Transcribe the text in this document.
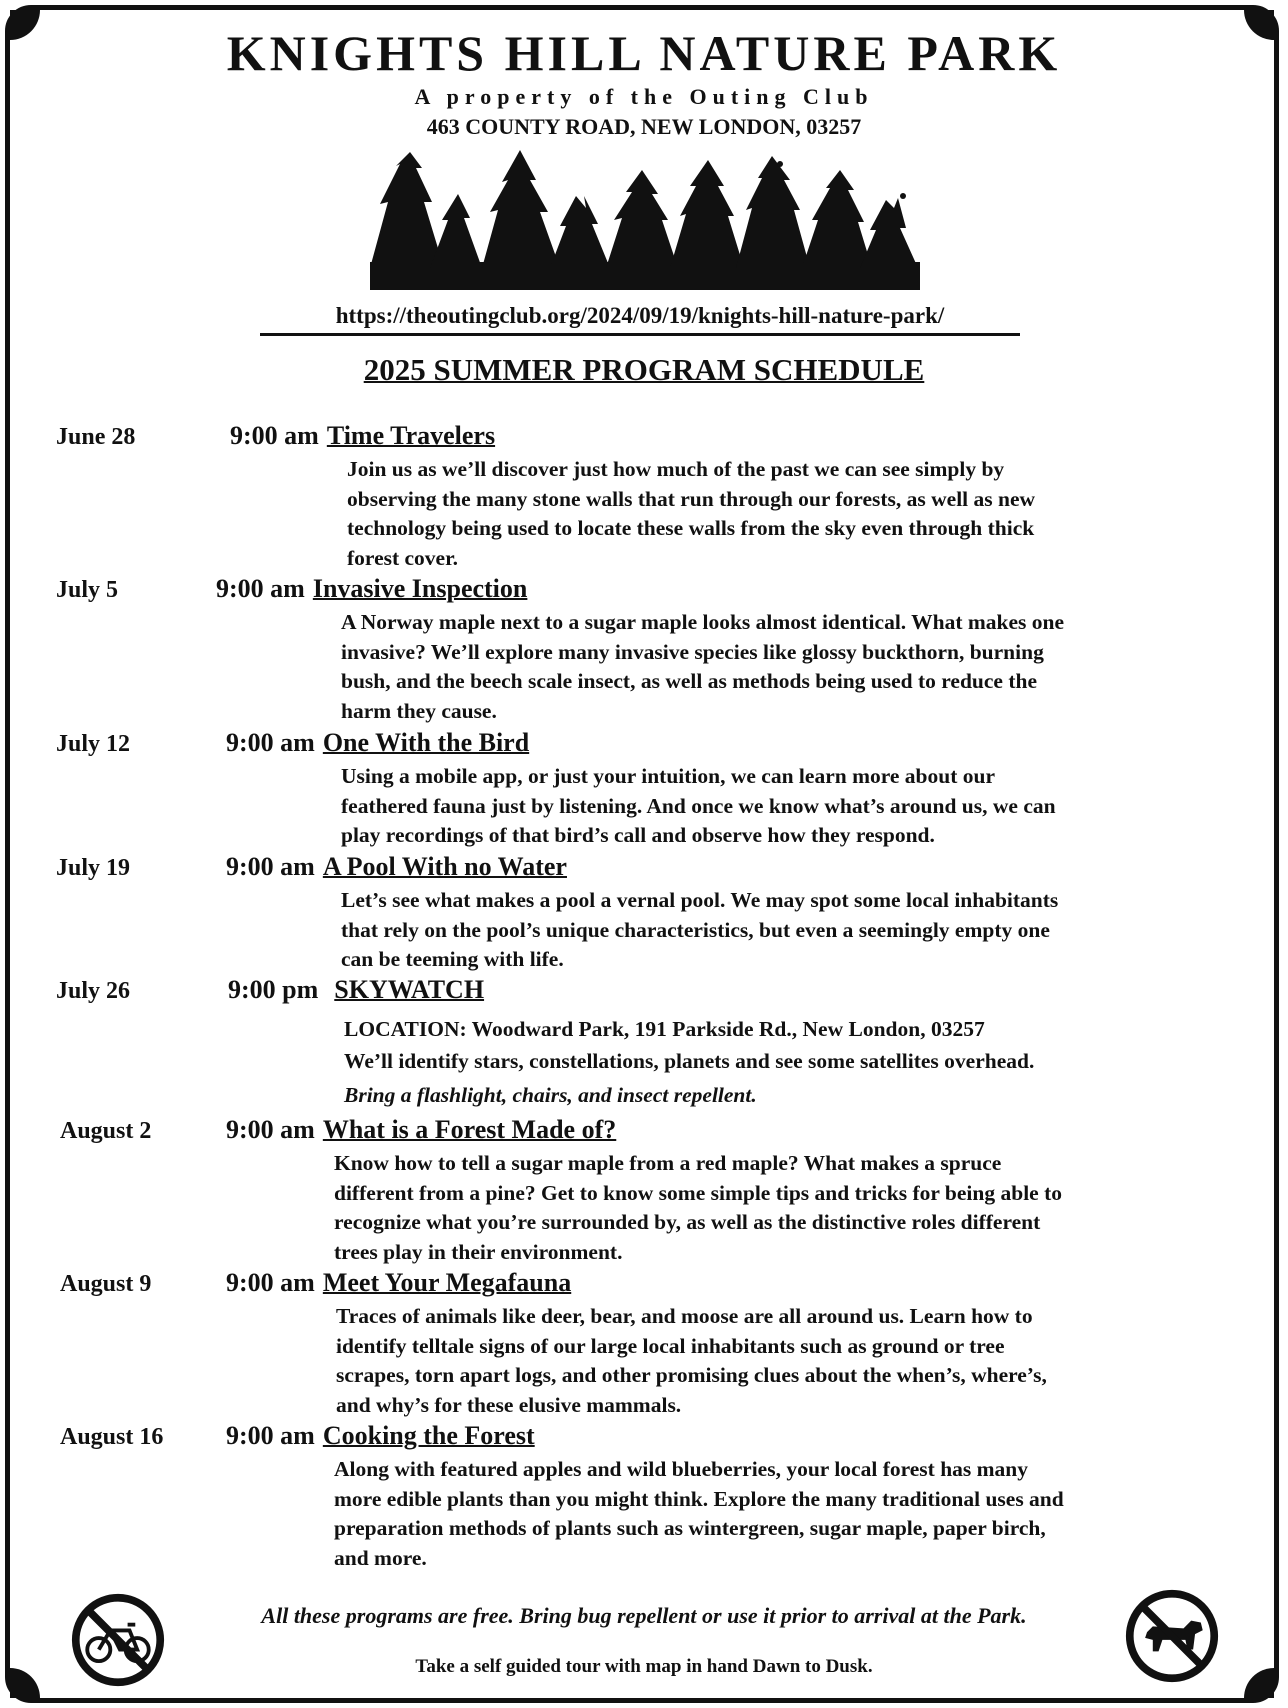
KNIGHTS HILL NATURE PARK
A property of the Outing Club
463 COUNTY ROAD, NEW LONDON, 03257
https://theoutingclub.org/2024/09/19/knights-hill-nature-park/
2025 SUMMER PROGRAM SCHEDULE
June 28	9:00 am Time Travelers
Join us as we’ll discover just how much of the past we can see simply by
observing the many stone walls that run through our forests, as well as new
technology being used to locate these walls from the sky even through thick
forest cover.
July 5	9:00 am Invasive Inspection
A Norway maple next to a sugar maple looks almost identical. What makes one
invasive? We’ll explore many invasive species like glossy buckthorn, burning
bush, and the beech scale insect, as well as methods being used to reduce the
harm they cause.
July 12	9:00 am One With the Bird
Using a mobile app, or just your intuition, we can learn more about our
feathered fauna just by listening. And once we know what’s around us, we can
play recordings of that bird’s call and observe how they respond.
July 19	9:00 am A Pool With no Water
Let’s see what makes a pool a vernal pool. We may spot some local inhabitants
that rely on the pool’s unique characteristics, but even a seemingly empty one
can be teeming with life.
July 26	9:00 pm SKYWATCH
LOCATION: Woodward Park, 191 Parkside Rd., New London, 03257
We’ll identify stars, constellations, planets and see some satellites overhead.
Bring a flashlight, chairs, and insect repellent.
August 2	9:00 am What is a Forest Made of?
Know how to tell a sugar maple from a red maple? What makes a spruce
different from a pine? Get to know some simple tips and tricks for being able to
recognize what you’re surrounded by, as well as the distinctive roles different
trees play in their environment.
August 9	9:00 am Meet Your Megafauna
Traces of animals like deer, bear, and moose are all around us. Learn how to
identify telltale signs of our large local inhabitants such as ground or tree
scrapes, torn apart logs, and other promising clues about the when’s, where’s,
and why’s for these elusive mammals.
August 16 9:00 am Cooking the Forest
Along with featured apples and wild blueberries, your local forest has many
more edible plants than you might think. Explore the many traditional uses and
preparation methods of plants such as wintergreen, sugar maple, paper birch,
and more.
All these programs are free. Bring bug repellent or use it prior to arrival at the Park.
Take a self guided tour with map in hand Dawn to Dusk.
